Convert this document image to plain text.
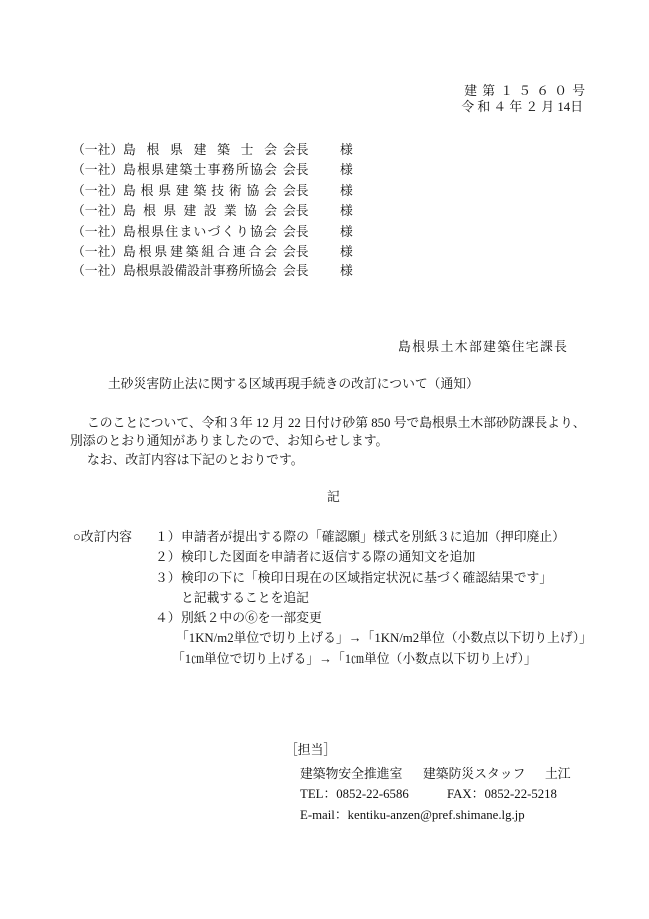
建 第 １ ５ ６ ０ 号
令 和 ４ 年 ２ 月 14日
（一社） 島 根 県 建 築 士 会 会長 様
（一社） 島 根 県 建 築 士 事 務 所 協 会 会長 様
（一社） 島 根 県 建 築 技 術 協 会 会長 様
（一社） 島 根 県 建 設 業 協 会 会長 様
（一社） 島 根 県 住 ま い づ く り 協 会 会長 様
（一社） 島 根 県 建 築 組 合 連 合 会 会長 様
（一社） 島 根 県 設 備 設 計 事 務 所 協 会 会長 様
島根県土木部建築住宅課長
土砂災害防止法に関する区域再現手続きの改訂について（通知）
このことについて、令和３年 12 月 22 日付け砂第 850 号で島根県土木部砂防課長より、
別添のとおり通知がありましたので、お知らせします。
なお、改訂内容は下記のとおりです。
記
○改訂内容 １） 申請者が提出する際の「確認願」様式を別紙３に追加（押印廃止）
２） 検印した図面を申請者に返信する際の通知文を追加
３） 検印の下に「検印日現在の区域指定状況に基づく確認結果です」
と記載することを追記
４） 別紙２中の⑥を一部変更
「1KN/m2単位で切り上げる」→「1KN/m2単位（小数点以下切り上げ）」
「1㎝単位で切り上げる」→「1㎝単位（小数点以下切り上げ）」
［担当］
建築物安全推進室 建築防災スタッフ 土江
TEL：0852-22-6586	FAX：0852-22-5218
E-mail：kentiku-anzen@pref.shimane.lg.jp
